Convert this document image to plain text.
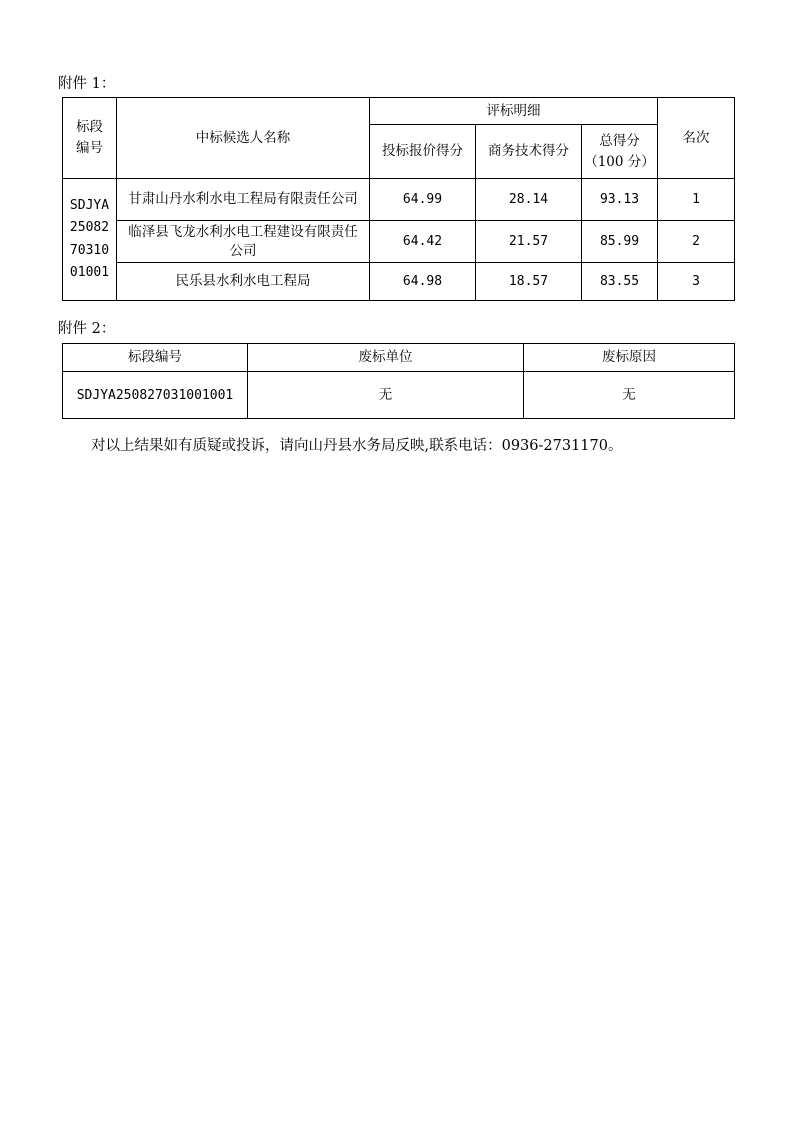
附件 1：
标段
编号	中标候选人名称	评标明细			名次
		投标报价得分	商务技术得分	总得分
（100 分）	

SDJYA
25082
70310
01001	甘肃山丹水利水电工程局有限责任公司	64.99	28.14	93.13	1
	临泽县飞龙水利水电工程建设有限责任公司	64.42	21.57	85.99	2
	民乐县水利水电工程局	64.98	18.57	83.55	3
附件 2：
标段编号	废标单位	废标原因
SDJYA250827031001001	无	无
对以上结果如有质疑或投诉，请向山丹县水务局反映,联系电话：0936-2731170。
